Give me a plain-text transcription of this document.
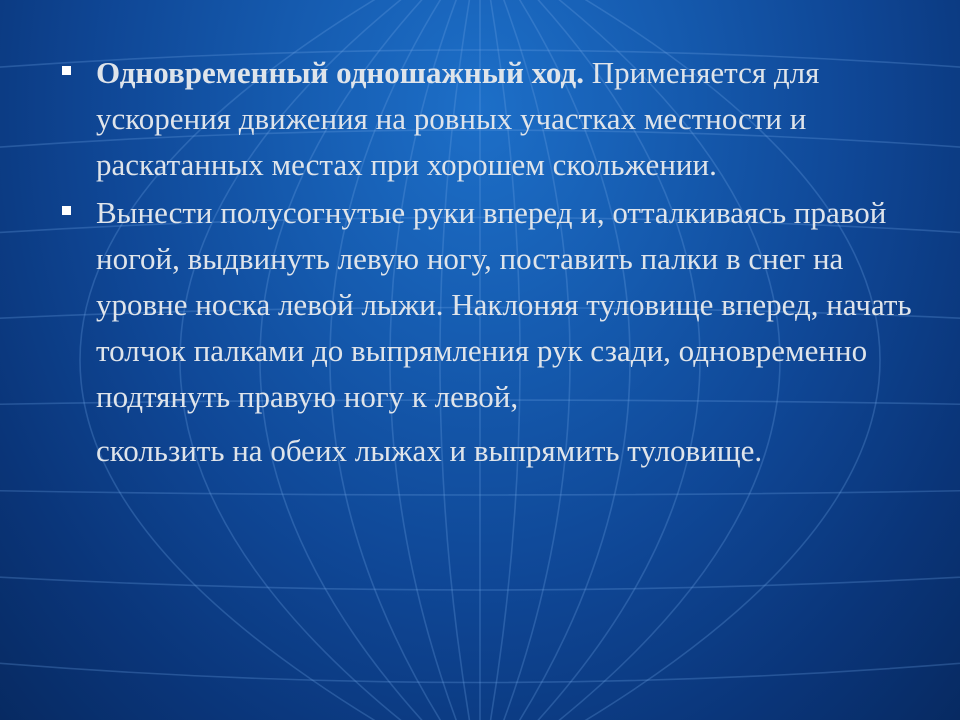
Одновременный одношажный ход. Применяется для ускорения движения на ровных участках местности и раскатанных местах при хорошем скольжении.
Вынести полусогнутые руки вперед и, отталкиваясь правой ногой, выдвинуть левую ногу, поставить палки в снег на уровне носка левой лыжи. Наклоняя туловище вперед, начать толчок палками до выпрямления рук сзади, одновременно подтянуть правую ногу к левой, скользить на обеих лыжах и выпрямить туловище.
